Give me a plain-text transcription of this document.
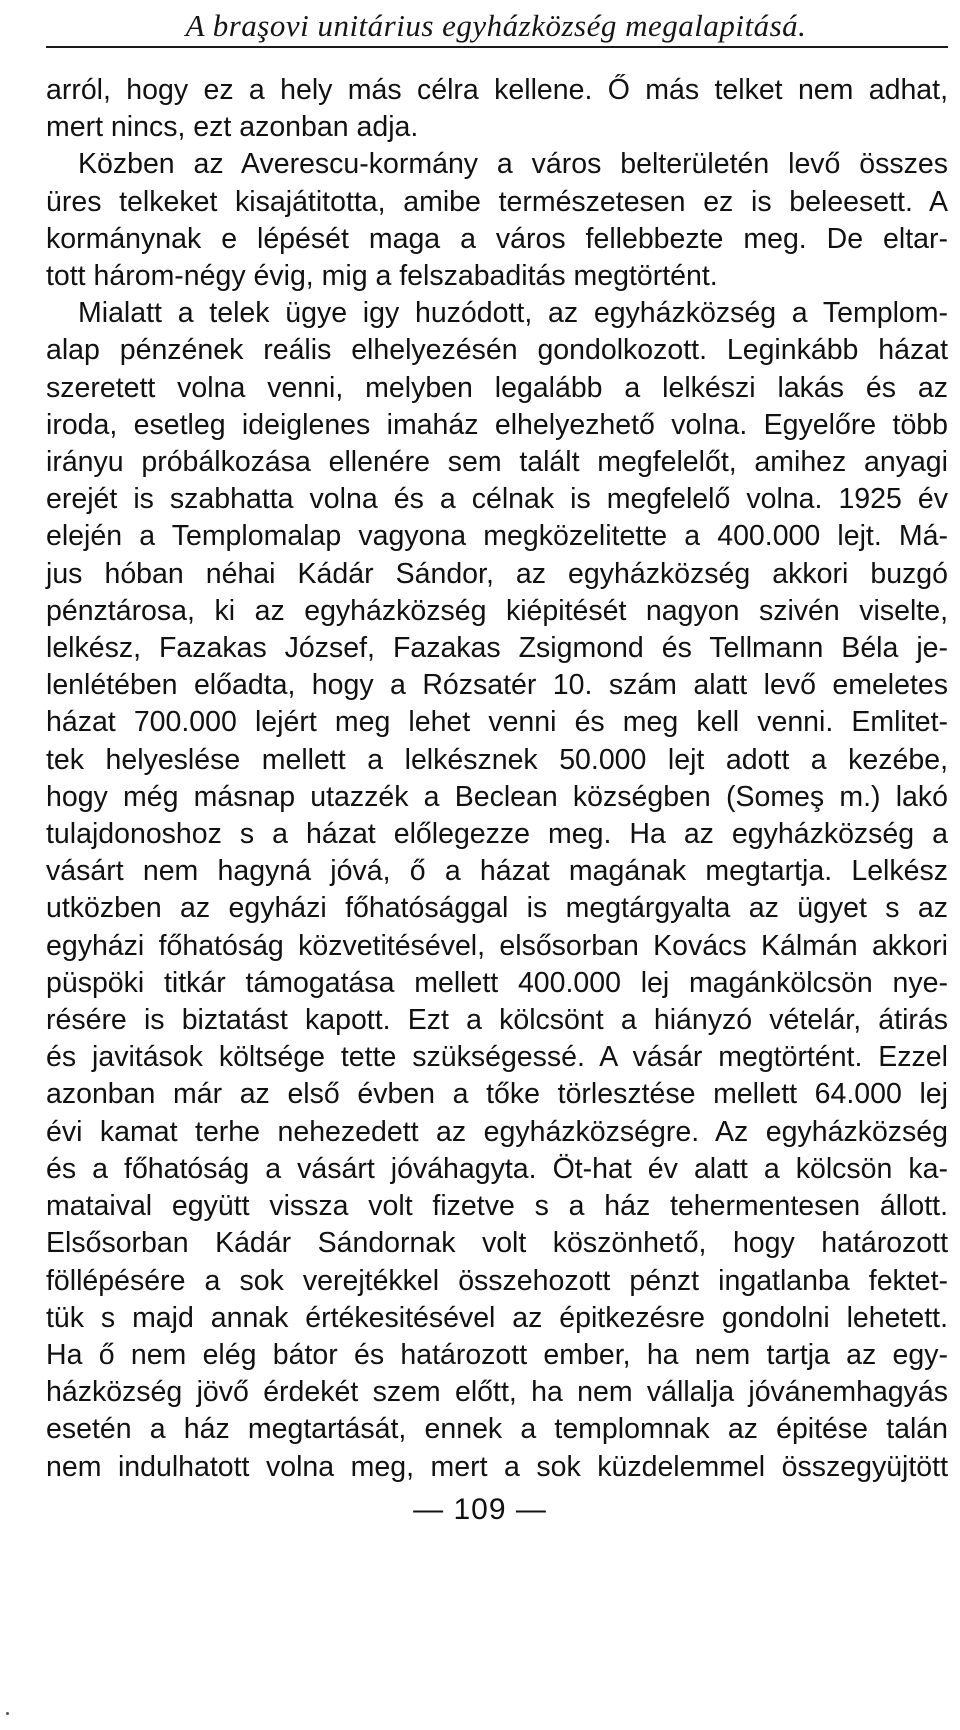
A braşovi unitárius egyházközség megalapitásá.

arról, hogy ez a hely más célra kellene. Ő más telket nem adhat,
mert nincs, ezt azonban adja.

Közben az Averescu-kormány a város belterületén levő összes
üres telkeket kisajátitotta, amibe természetesen ez is beleesett. A
kormánynak e lépését maga a város fellebbezte meg. De eltar-
tott három-négy évig, mig a felszabaditás megtörtént.

Mialatt a telek ügye igy huzódott, az egyházközség a Templom-
alap pénzének reális elhelyezésén gondolkozott. Leginkább házat
szeretett volna venni, melyben legalább a lelkészi lakás és az
iroda, esetleg ideiglenes imaház elhelyezhető volna. Egyelőre több
irányu próbálkozása ellenére sem talált megfelelőt, amihez anyagi
erejét is szabhatta volna és a célnak is megfelelő volna. 1925 év
elején a Templomalap vagyona megközelitette a 400.000 lejt. Má-
jus hóban néhai Kádár Sándor, az egyházközség akkori buzgó
pénztárosa, ki az egyházközség kiépitését nagyon szivén viselte,
lelkész, Fazakas József, Fazakas Zsigmond és Tellmann Béla je-
lenlétében előadta, hogy a Rózsatér 10. szám alatt levő emeletes
házat 700.000 lejért meg lehet venni és meg kell venni. Emlitet-
tek helyeslése mellett a lelkésznek 50.000 lejt adott a kezébe,
hogy még másnap utazzék a Beclean községben (Someş m.) lakó
tulajdonoshoz s a házat előlegezze meg. Ha az egyházközség a
vásárt nem hagyná jóvá, ő a házat magának megtartja. Lelkész
utközben az egyházi főhatósággal is megtárgyalta az ügyet s az
egyházi főhatóság közvetitésével, elsősorban Kovács Kálmán akkori
püspöki titkár támogatása mellett 400.000 lej magánkölcsön nye-
résére is biztatást kapott. Ezt a kölcsönt a hiányzó vételár, átirás
és javitások költsége tette szükségessé. A vásár megtörtént. Ezzel
azonban már az első évben a tőke törlesztése mellett 64.000 lej
évi kamat terhe nehezedett az egyházközségre. Az egyházközség
és a főhatóság a vásárt jóváhagyta. Öt-hat év alatt a kölcsön ka-
mataival együtt vissza volt fizetve s a ház tehermentesen állott.
Elsősorban Kádár Sándornak volt köszönhető, hogy határozott
föllépésére a sok verejtékkel összehozott pénzt ingatlanba fektet-
tük s majd annak értékesitésével az épitkezésre gondolni lehetett.
Ha ő nem elég bátor és határozott ember, ha nem tartja az egy-
házközség jövő érdekét szem előtt, ha nem vállalja jóvánemhagyás
esetén a ház megtartását, ennek a templomnak az épitése talán
nem indulhatott volna meg, mert a sok küzdelemmel összegyüjtött

— 109 —
